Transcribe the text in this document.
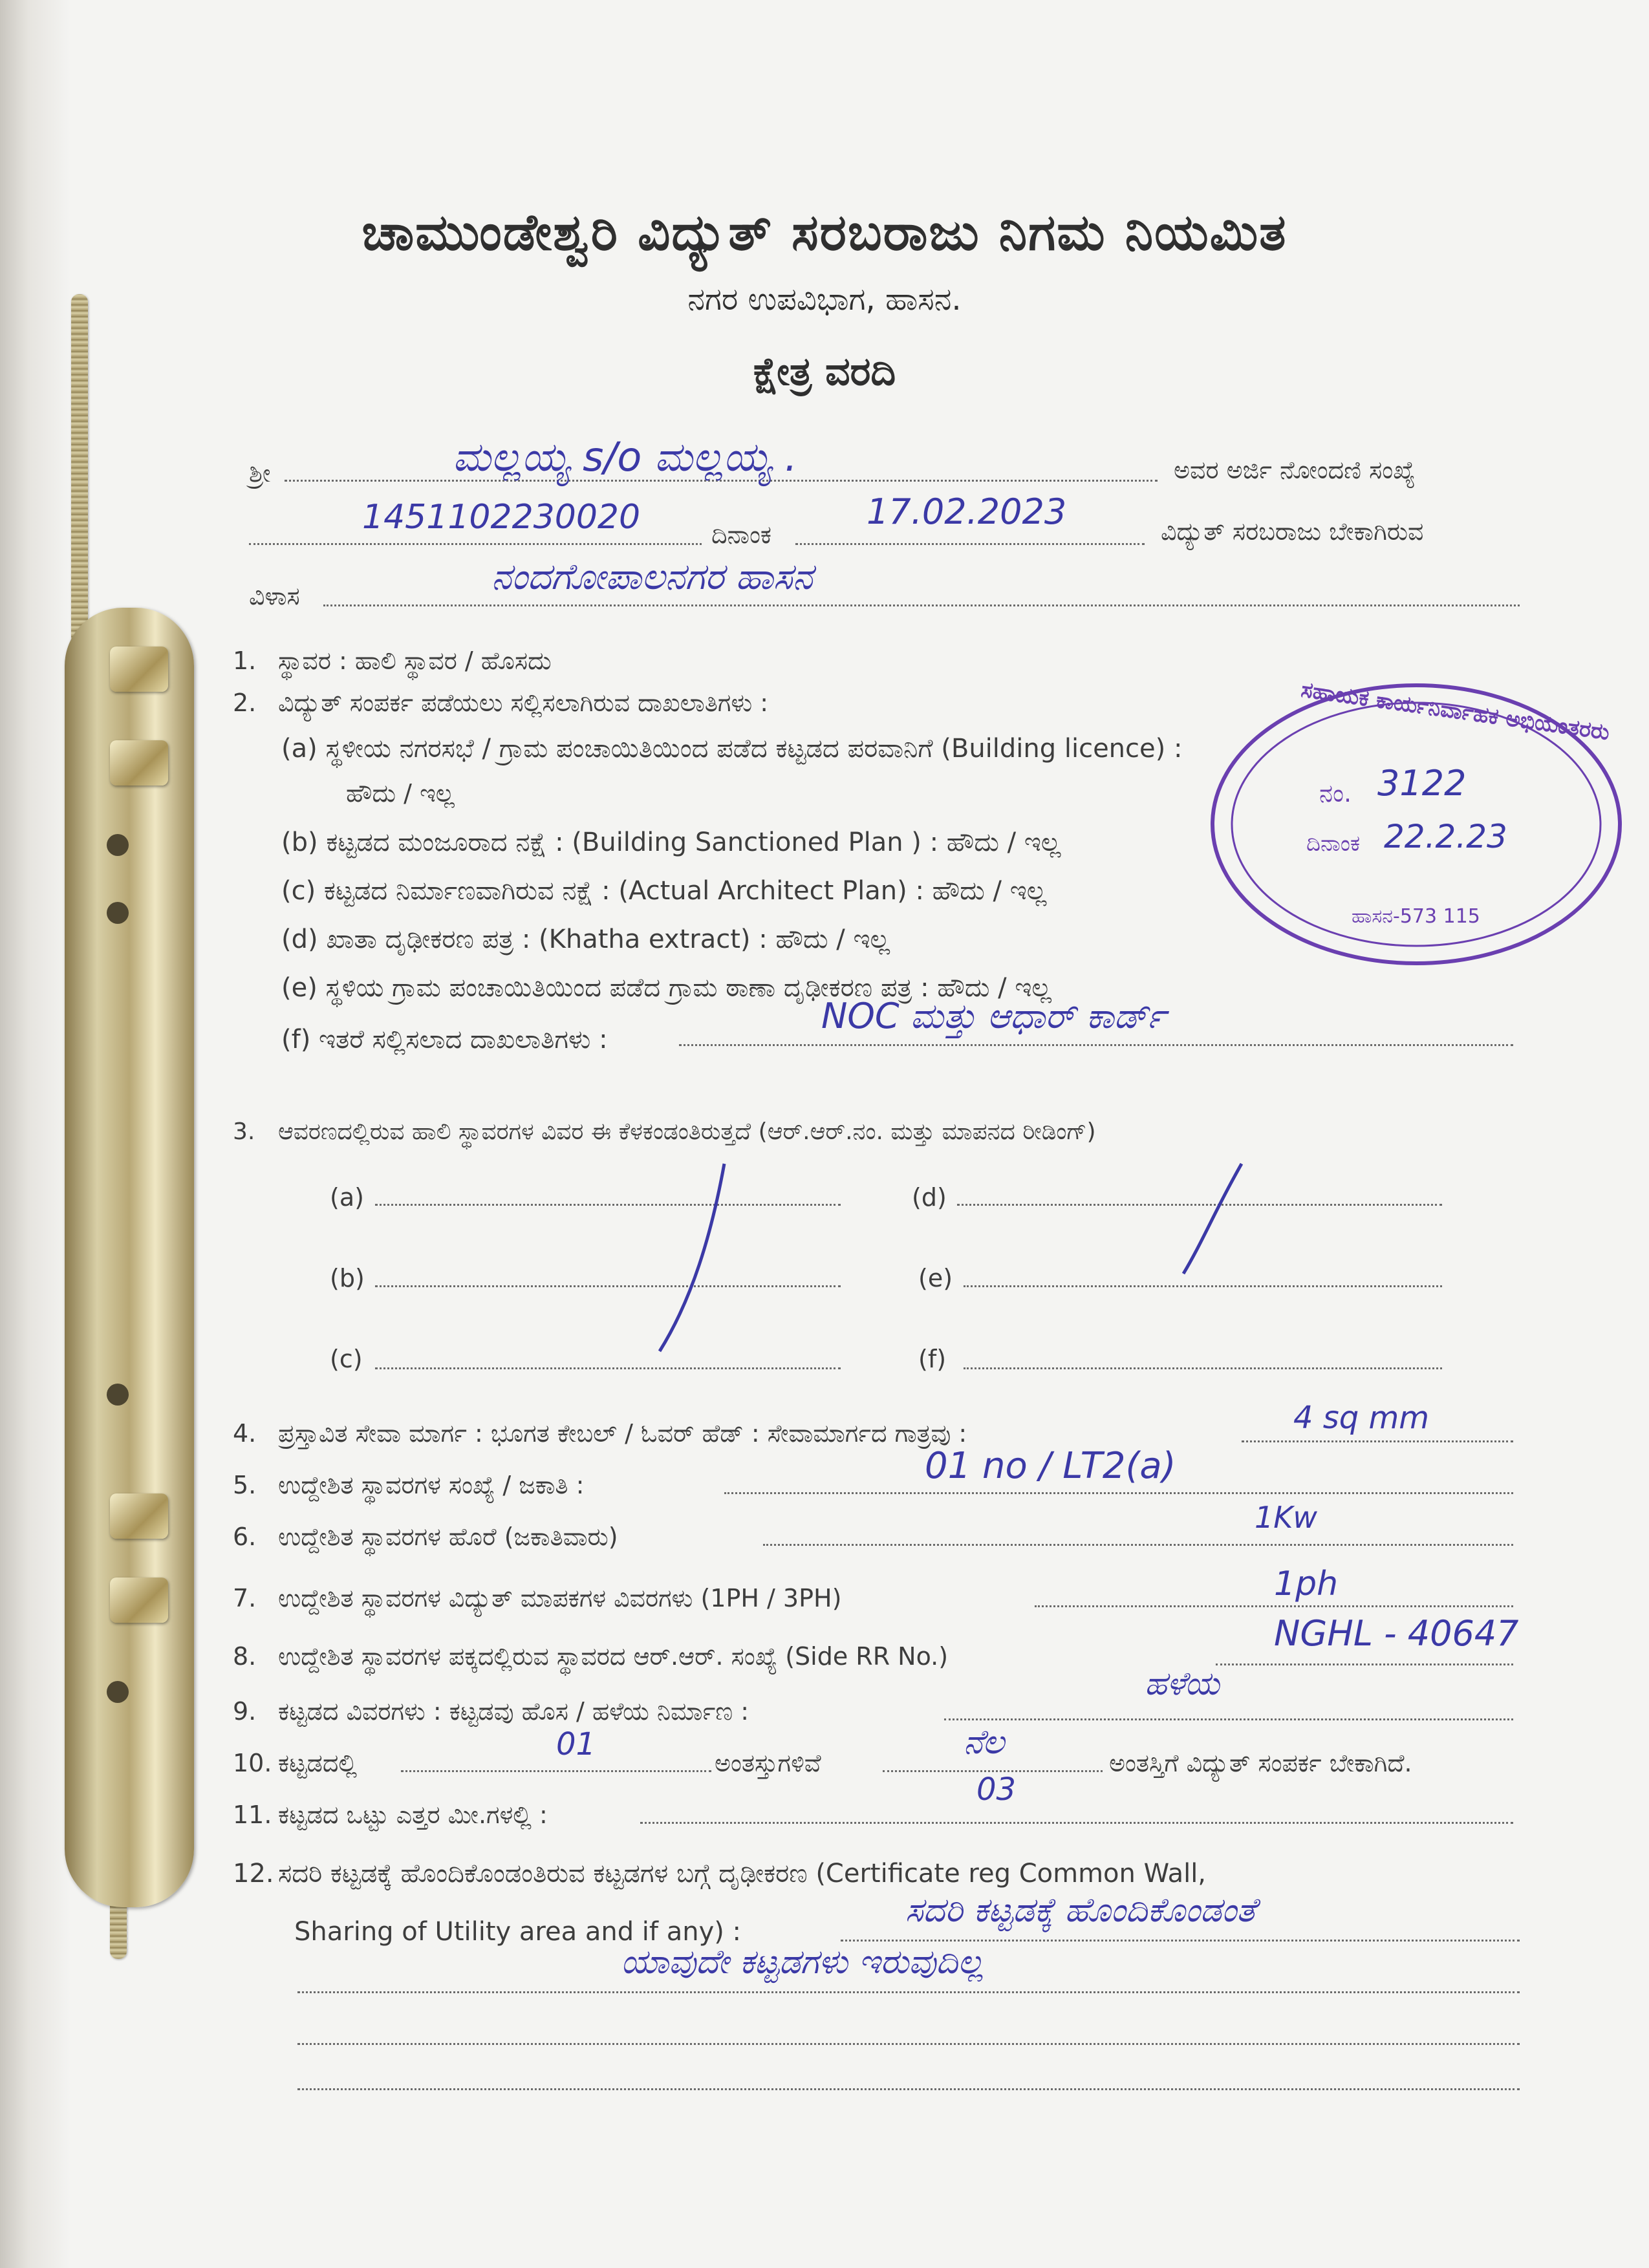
ಚಾಮುಂಡೇಶ್ವರಿ ವಿದ್ಯುತ್ ಸರಬರಾಜು ನಿಗಮ ನಿಯಮಿತ
ನಗರ ಉಪವಿಭಾಗ, ಹಾಸನ.
ಕ್ಷೇತ್ರ ವರದಿ
ಶ್ರೀ	ಮಲ್ಲಯ್ಯ s/o ಮಲ್ಲಯ್ಯ .	ಅವರ ಅರ್ಜಿ ನೋಂದಣಿ ಸಂಖ್ಯೆ
1451102230020	ದಿನಾಂಕ
17.02.2023	ವಿದ್ಯುತ್ ಸರಬರಾಜು ಬೇಕಾಗಿರುವ
ವಿಳಾಸ	ನಂದಗೋಪಾಲನಗರ ಹಾಸನ
1. ಸ್ಥಾವರ : ಹಾಲಿ ಸ್ಥಾವರ / ಹೊಸದು
2. ವಿದ್ಯುತ್ ಸಂಪರ್ಕ ಪಡೆಯಲು ಸಲ್ಲಿಸಲಾಗಿರುವ ದಾಖಲಾತಿಗಳು :
(a) ಸ್ಥಳೀಯ ನಗರಸಭೆ / ಗ್ರಾಮ ಪಂಚಾಯಿತಿಯಿಂದ ಪಡೆದ ಕಟ್ಟಡದ ಪರವಾನಿಗೆ (Building licence) :
ಹೌದು / ಇಲ್ಲ
(b) ಕಟ್ಟಡದ ಮಂಜೂರಾದ ನಕ್ಷೆ : (Building Sanctioned Plan ) : ಹೌದು / ಇಲ್ಲ
(c) ಕಟ್ಟಡದ ನಿರ್ಮಾಣವಾಗಿರುವ ನಕ್ಷೆ : (Actual Architect Plan) : ಹೌದು / ಇಲ್ಲ
(d) ಖಾತಾ ದೃಢೀಕರಣ ಪತ್ರ : (Khatha extract) : ಹೌದು / ಇಲ್ಲ
(e) ಸ್ಥಳಿಯ ಗ್ರಾಮ ಪಂಚಾಯಿತಿಯಿಂದ ಪಡೆದ ಗ್ರಾಮ ಠಾಣಾ ದೃಢೀಕರಣ ಪತ್ರ : ಹೌದು / ಇಲ್ಲ
(f) ಇತರೆ ಸಲ್ಲಿಸಲಾದ ದಾಖಲಾತಿಗಳು :
NOC ಮತ್ತು ಆಧಾರ್ ಕಾರ್ಡ್
ಸಹಾಯಕ ಕಾರ್ಯನಿರ್ವಾಹಕ ಅಭಿಯಂತರರು
ನಂ. 3122
ದಿನಾಂಕ 22.2.23
ಹಾಸನ-573 115
3. ಆವರಣದಲ್ಲಿರುವ ಹಾಲಿ ಸ್ಥಾವರಗಳ ವಿವರ ಈ ಕೆಳಕಂಡಂತಿರುತ್ತದೆ (ಆರ್.ಆರ್.ನಂ. ಮತ್ತು ಮಾಪನದ ರೀಡಿಂಗ್)
(a)	(d)
(b)	(e)
(c)	(f)
4. ಪ್ರಸ್ತಾವಿತ ಸೇವಾ ಮಾರ್ಗ : ಭೂಗತ ಕೇಬಲ್ / ಓವರ್ ಹೆಡ್ : ಸೇವಾಮಾರ್ಗದ ಗಾತ್ರವು :	4 sq mm
5. ಉದ್ದೇಶಿತ ಸ್ಥಾವರಗಳ ಸಂಖ್ಯೆ / ಜಕಾತಿ :	01 no / LT2(a)
6. ಉದ್ದೇಶಿತ ಸ್ಥಾವರಗಳ ಹೊರೆ (ಜಕಾತಿವಾರು)
1Kw
7. ಉದ್ದೇಶಿತ ಸ್ಥಾವರಗಳ ವಿದ್ಯುತ್ ಮಾಪಕಗಳ ವಿವರಗಳು (1PH / 3PH)	1ph
8. ಉದ್ದೇಶಿತ ಸ್ಥಾವರಗಳ ಪಕ್ಕದಲ್ಲಿರುವ ಸ್ಥಾವರದ ಆರ್.ಆರ್. ಸಂಖ್ಯೆ (Side RR No.)
NGHL - 40647
9. ಕಟ್ಟಡದ ವಿವರಗಳು : ಕಟ್ಟಡವು ಹೊಸ / ಹಳೆಯ ನಿರ್ಮಾಣ :
ಹಳೆಯ
10. ಕಟ್ಟಡದಲ್ಲಿ
01
ಅಂತಸ್ತುಗಳಿವೆ
ನೆಲ
ಅಂತಸ್ತಿಗೆ ವಿದ್ಯುತ್ ಸಂಪರ್ಕ ಬೇಕಾಗಿದೆ.
11. ಕಟ್ಟಡದ ಒಟ್ಟು ಎತ್ತರ ಮೀ.ಗಳಲ್ಲಿ :
03
12. ಸದರಿ ಕಟ್ಟಡಕ್ಕೆ ಹೊಂದಿಕೊಂಡಂತಿರುವ ಕಟ್ಟಡಗಳ ಬಗ್ಗೆ ದೃಢೀಕರಣ (Certificate reg Common Wall,
Sharing of Utility area and if any) :
ಸದರಿ ಕಟ್ಟಡಕ್ಕೆ ಹೊಂದಿಕೊಂಡಂತೆ
ಯಾವುದೇ ಕಟ್ಟಡಗಳು ಇರುವುದಿಲ್ಲ
